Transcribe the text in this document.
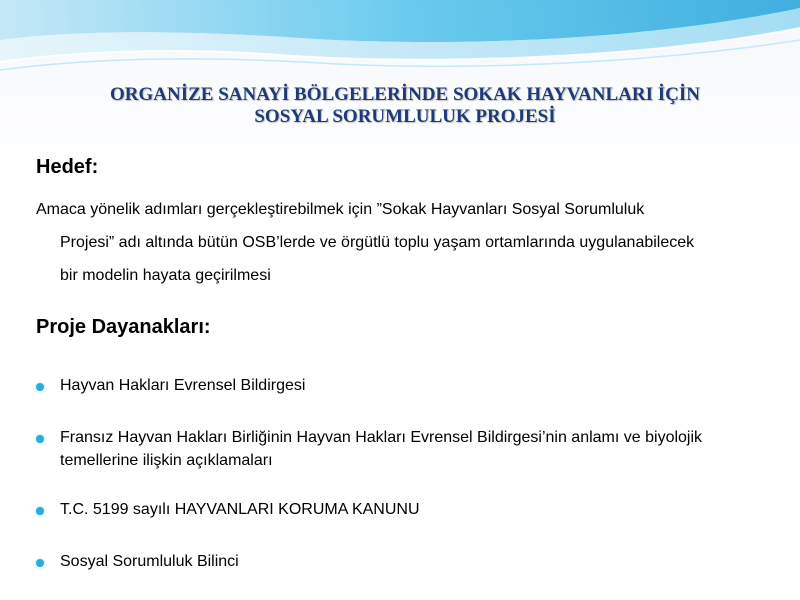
ORGANİZE SANAYİ BÖLGELERİNDE SOKAK HAYVANLARI İÇİN
SOSYAL SORUMLULUK PROJESİ
Hedef:
Amaca yönelik adımları gerçekleştirebilmek için ”Sokak Hayvanları Sosyal Sorumluluk
Projesi” adı altında bütün OSB’lerde ve örgütlü toplu yaşam ortamlarında uygulanabilecek
bir modelin hayata geçirilmesi
Proje Dayanakları:
Hayvan Hakları Evrensel Bildirgesi
Fransız Hayvan Hakları Birliğinin Hayvan Hakları Evrensel Bildirgesi’nin anlamı ve biyolojik temellerine ilişkin açıklamaları
T.C. 5199 sayılı HAYVANLARI KORUMA KANUNU
Sosyal Sorumluluk Bilinci
